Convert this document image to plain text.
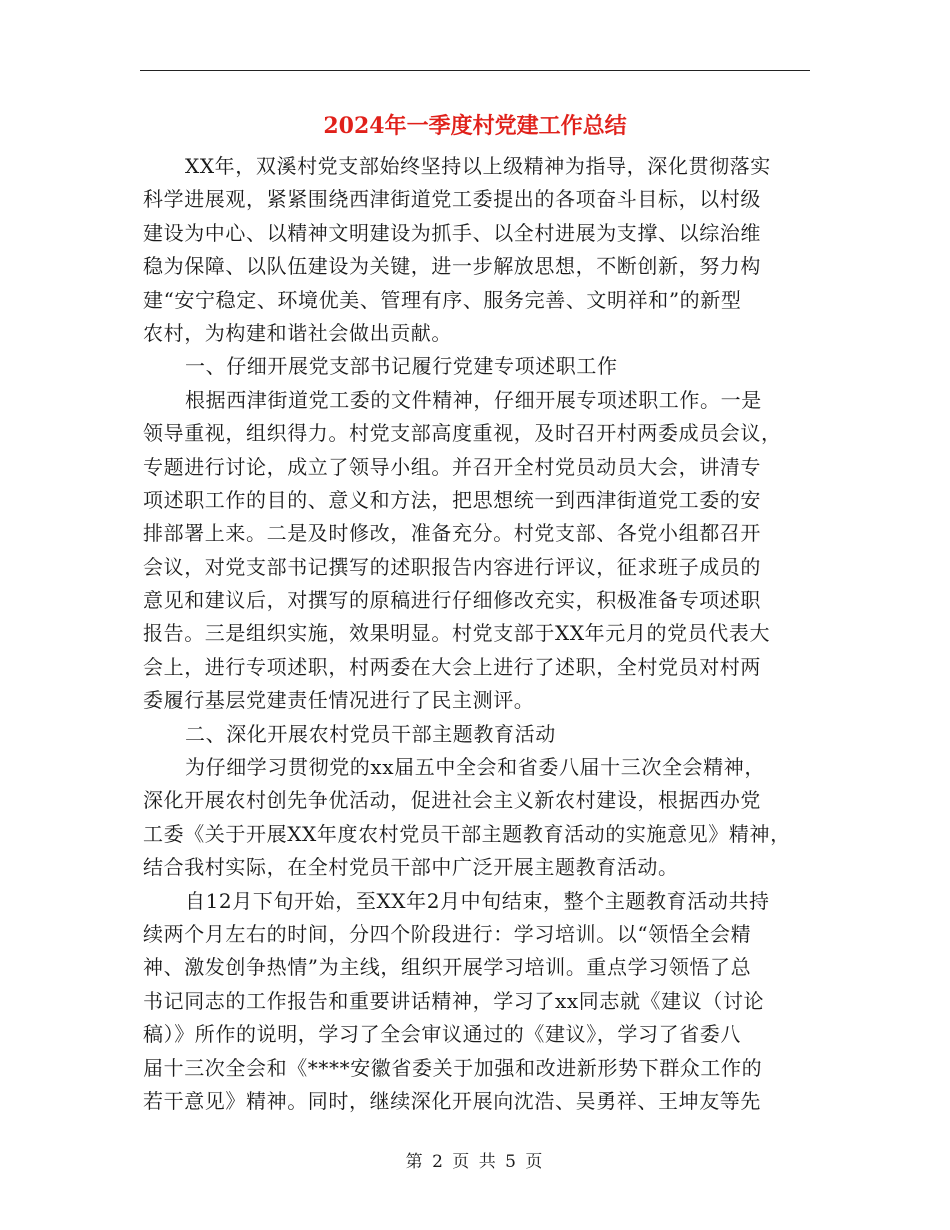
2024年一季度村党建工作总结
XX年，双溪村党支部始终坚持以上级精神为指导，深化贯彻落实
科学进展观，紧紧围绕西津街道党工委提出的各项奋斗目标，以村级
建设为中心、以精神文明建设为抓手、以全村进展为支撑、以综治维
稳为保障、以队伍建设为关键，进一步解放思想，不断创新，努力构
建“安宁稳定、环境优美、管理有序、服务完善、文明祥和”的新型
农村，为构建和谐社会做出贡献。
一、仔细开展党支部书记履行党建专项述职工作
根据西津街道党工委的文件精神，仔细开展专项述职工作。一是
领导重视，组织得力。村党支部高度重视，及时召开村两委成员会议，
专题进行讨论，成立了领导小组。并召开全村党员动员大会，讲清专
项述职工作的目的、意义和方法，把思想统一到西津街道党工委的安
排部署上来。二是及时修改，准备充分。村党支部、各党小组都召开
会议，对党支部书记撰写的述职报告内容进行评议，征求班子成员的
意见和建议后，对撰写的原稿进行仔细修改充实，积极准备专项述职
报告。三是组织实施，效果明显。村党支部于XX年元月的党员代表大
会上，进行专项述职，村两委在大会上进行了述职，全村党员对村两
委履行基层党建责任情况进行了民主测评。
二、深化开展农村党员干部主题教育活动
为仔细学习贯彻党的xx届五中全会和省委八届十三次全会精神，
深化开展农村创先争优活动，促进社会主义新农村建设，根据西办党
工委《关于开展XX年度农村党员干部主题教育活动的实施意见》精神，
结合我村实际，在全村党员干部中广泛开展主题教育活动。
自12月下旬开始，至XX年2月中旬结束，整个主题教育活动共持
续两个月左右的时间，分四个阶段进行：学习培训。以“领悟全会精
神、激发创争热情”为主线，组织开展学习培训。重点学习领悟了总
书记同志的工作报告和重要讲话精神，学习了xx同志就《建议（讨论
稿）》所作的说明，学习了全会审议通过的《建议》，学习了省委八
届十三次全会和《****安徽省委关于加强和改进新形势下群众工作的
若干意见》精神。同时，继续深化开展向沈浩、吴勇祥、王坤友等先
第 2 页 共 5 页
